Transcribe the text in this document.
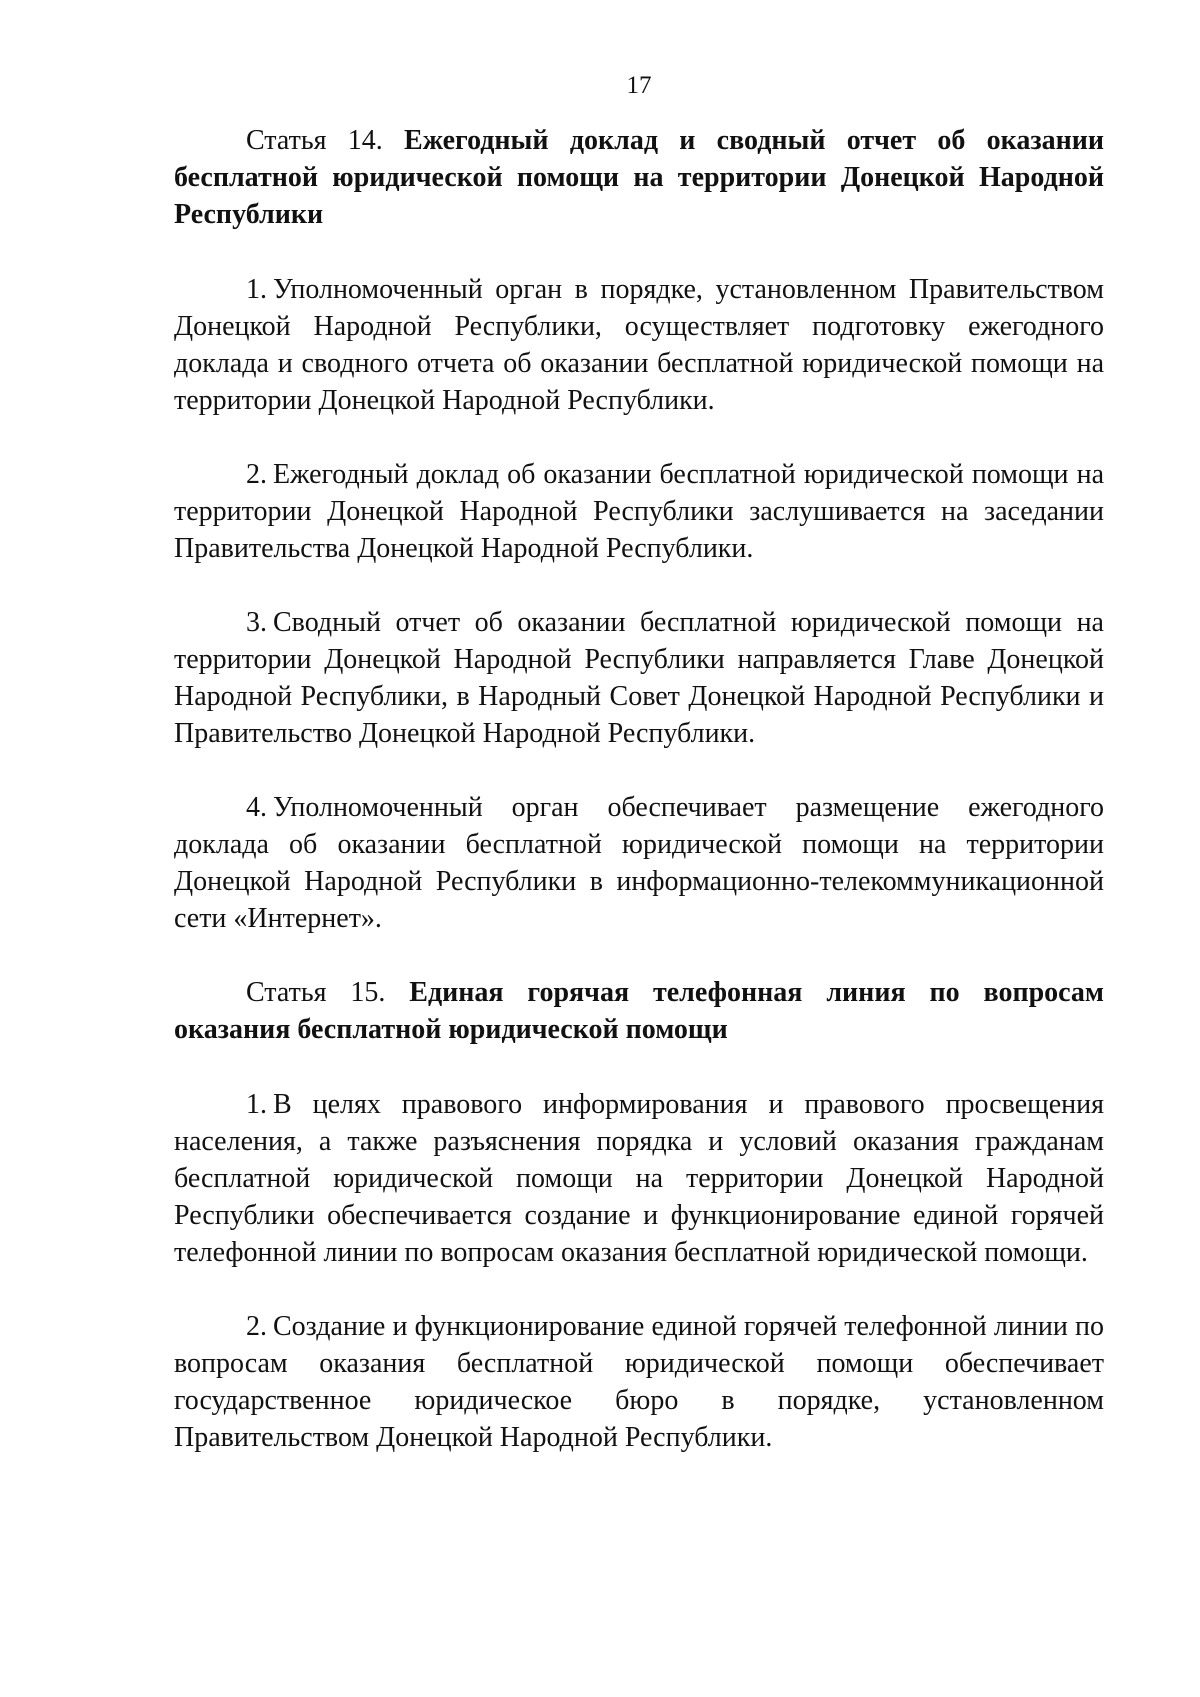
17

Статья 14. Ежегодный доклад и сводный отчет об оказании бесплатной юридической помощи на территории Донецкой Народной Республики

1. Уполномоченный орган в порядке, установленном Правительством Донецкой Народной Республики, осуществляет подготовку ежегодного доклада и сводного отчета об оказании бесплатной юридической помощи на территории Донецкой Народной Республики.

2. Ежегодный доклад об оказании бесплатной юридической помощи на территории Донецкой Народной Республики заслушивается на заседании Правительства Донецкой Народной Республики.

3. Сводный отчет об оказании бесплатной юридической помощи на территории Донецкой Народной Республики направляется Главе Донецкой Народной Республики, в Народный Совет Донецкой Народной Республики и Правительство Донецкой Народной Республики.

4. Уполномоченный орган обеспечивает размещение ежегодного доклада об оказании бесплатной юридической помощи на территории Донецкой Народной Республики в информационно-телекоммуникационной сети «Интернет».

Статья 15. Единая горячая телефонная линия по вопросам оказания бесплатной юридической помощи

1. В целях правового информирования и правового просвещения населения, а также разъяснения порядка и условий оказания гражданам бесплатной юридической помощи на территории Донецкой Народной Республики обеспечивается создание и функционирование единой горячей телефонной линии по вопросам оказания бесплатной юридической помощи.

2. Создание и функционирование единой горячей телефонной линии по вопросам оказания бесплатной юридической помощи обеспечивает государственное юридическое бюро в порядке, установленном Правительством Донецкой Народной Республики.
